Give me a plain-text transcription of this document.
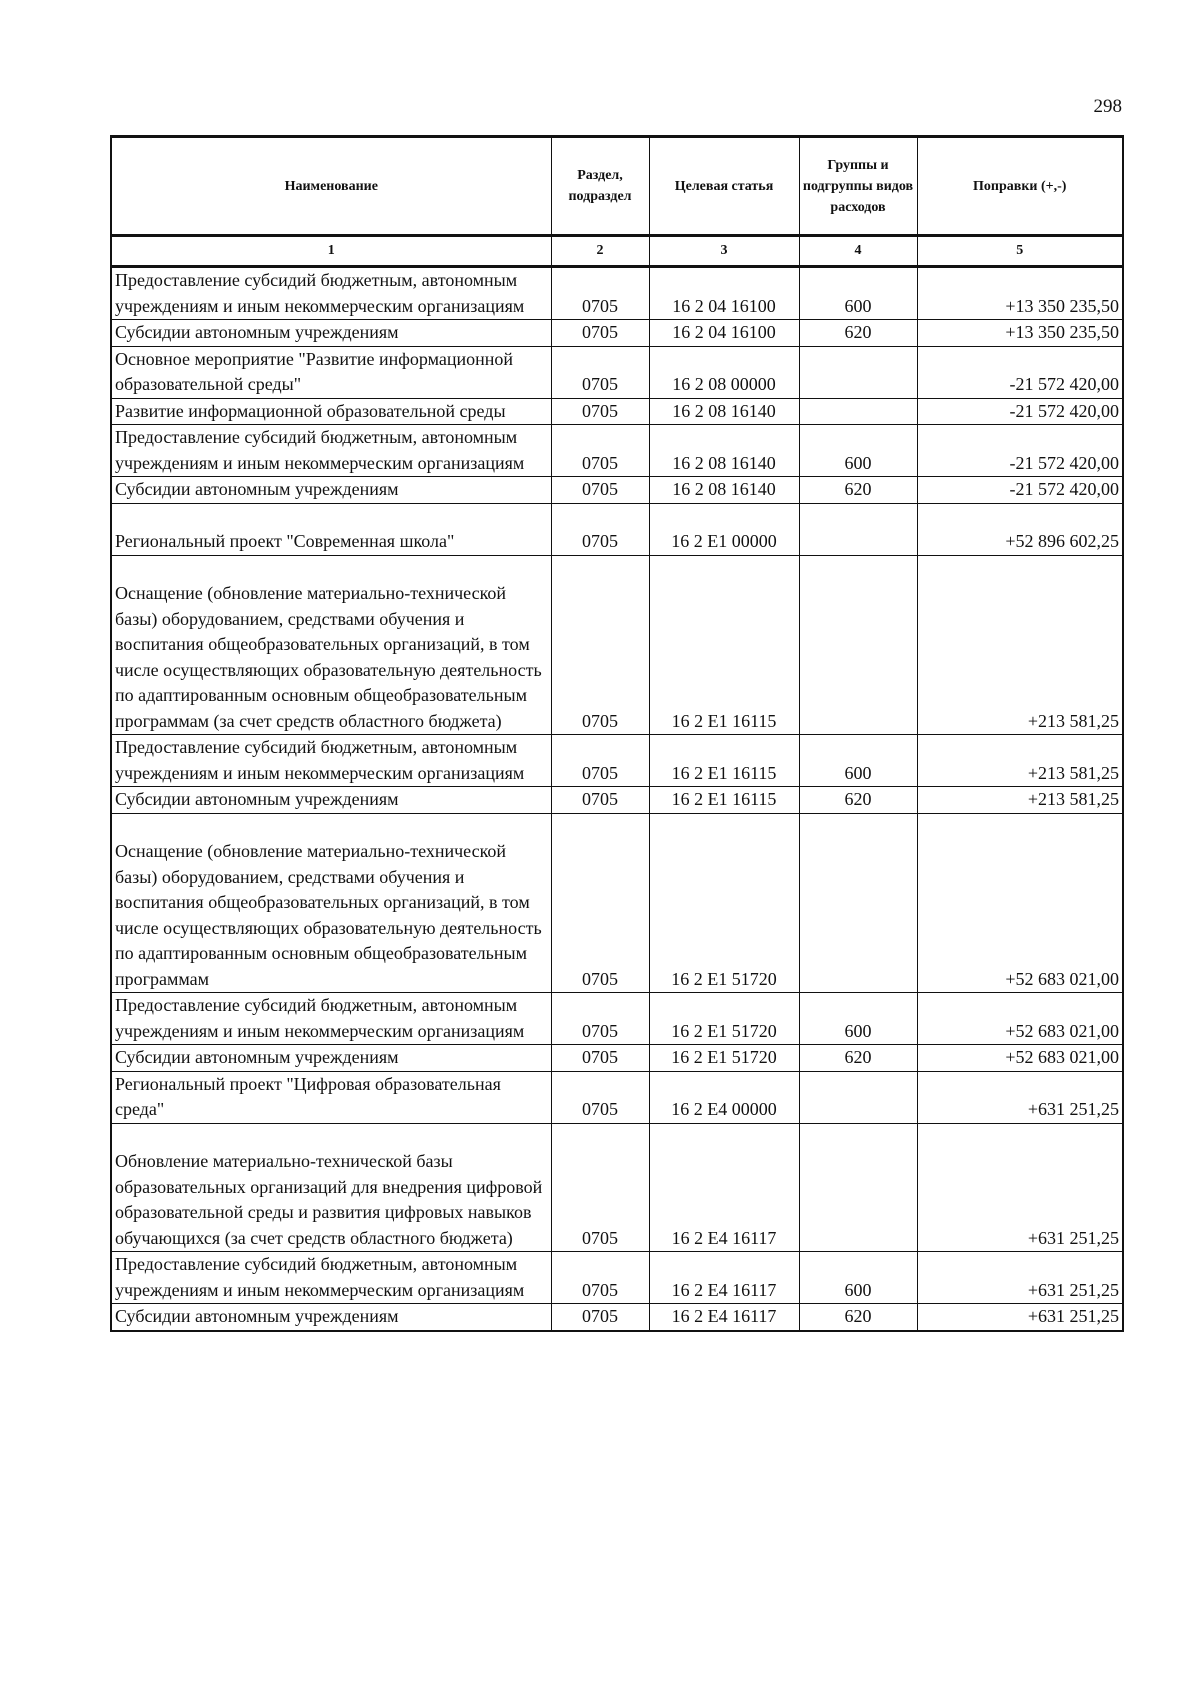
298
Наименование	Раздел, подраздел	Целевая статья	Группы и подгруппы видов расходов	Поправки (+,-)
1	2	3	4	5

Предоставление субсидий бюджетным, автономным учреждениям и иным некоммерческим организациям	0705	16 2 04 16100	600	+13 350 235,50

Субсидии автономным учреждениям	0705	16 2 04 16100	620	+13 350 235,50

Основное мероприятие "Развитие информационной образовательной среды"	0705	16 2 08 00000		-21 572 420,00

Развитие информационной образовательной среды	0705	16 2 08 16140		-21 572 420,00

Предоставление субсидий бюджетным, автономным учреждениям и иным некоммерческим организациям	0705	16 2 08 16140	600	-21 572 420,00

Субсидии автономным учреждениям	0705	16 2 08 16140	620	-21 572 420,00

Региональный проект "Современная школа"	0705	16 2 Е1 00000		+52 896 602,25

Оснащение (обновление материально-технической базы) оборудованием, средствами обучения и воспитания общеобразовательных организаций, в том числе осуществляющих образовательную деятельность по адаптированным основным общеобразовательным программам (за счет средств областного бюджета)	0705	16 2 Е1 16115		+213 581,25

Предоставление субсидий бюджетным, автономным учреждениям и иным некоммерческим организациям	0705	16 2 Е1 16115	600	+213 581,25

Субсидии автономным учреждениям	0705	16 2 Е1 16115	620	+213 581,25

Оснащение (обновление материально-технической базы) оборудованием, средствами обучения и воспитания общеобразовательных организаций, в том числе осуществляющих образовательную деятельность по адаптированным основным общеобразовательным программам	0705	16 2 Е1 51720		+52 683 021,00

Предоставление субсидий бюджетным, автономным учреждениям и иным некоммерческим организациям	0705	16 2 Е1 51720	600	+52 683 021,00

Субсидии автономным учреждениям	0705	16 2 Е1 51720	620	+52 683 021,00

Региональный проект "Цифровая образовательная среда"	0705	16 2 Е4 00000		+631 251,25

Обновление материально-технической базы образовательных организаций для внедрения цифровой образовательной среды и развития цифровых навыков обучающихся (за счет средств областного бюджета)	0705	16 2 Е4 16117		+631 251,25

Предоставление субсидий бюджетным, автономным учреждениям и иным некоммерческим организациям	0705	16 2 Е4 16117	600	+631 251,25

Субсидии автономным учреждениям	0705	16 2 Е4 16117	620	+631 251,25
